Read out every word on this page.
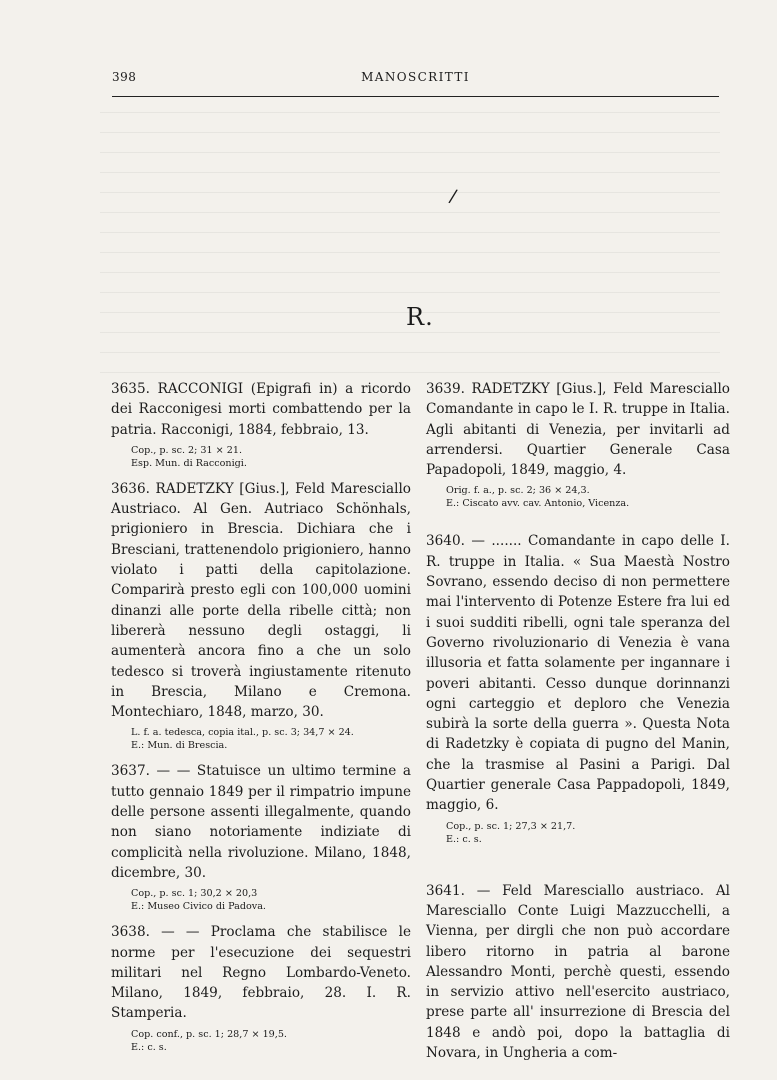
398	MANOSCRITTI
/
R.

3635. RACCONIGI (Epigrafi in) a ricordo dei Racconigesi morti combattendo per la patria. Racconigi, 1884, febbraio, 13.

Cop., p. sc. 2; 31 × 21.
Esp. Mun. di Racconigi.

3636. RADETZKY [Gius.], Feld Maresciallo Austriaco. Al Gen. Autriaco Schönhals, prigioniero in Brescia. Dichiara che i Bresciani, trattenendolo prigioniero, hanno violato i patti della capitolazione. Comparirà presto egli con 100,000 uomini dinanzi alle porte della ribelle città; non libererà nessuno degli ostaggi, li aumenterà ancora fino a che un solo tedesco si troverà ingiustamente ritenuto in Brescia, Milano e Cremona. Montechiaro, 1848, marzo, 30.

L. f. a. tedesca, copia ital., p. sc. 3; 34,7 × 24.
E.: Mun. di Brescia.

3637. — — Statuisce un ultimo termine a tutto gennaio 1849 per il rimpatrio impune delle persone assenti illegalmente, quando non siano notoriamente indiziate di complicità nella rivoluzione. Milano, 1848, dicembre, 30.

Cop., p. sc. 1; 30,2 × 20,3
E.: Museo Civico di Padova.

3638. — — Proclama che stabilisce le norme per l'esecuzione dei sequestri militari nel Regno Lombardo-Veneto. Milano, 1849, febbraio, 28. I. R. Stamperia.

Cop. conf., p. sc. 1; 28,7 × 19,5.
E.: c. s.

3639. RADETZKY [Gius.], Feld Maresciallo Comandante in capo le I. R. truppe in Italia. Agli abitanti di Venezia, per invitarli ad arrendersi. Quartier Generale Casa Papadopoli, 1849, maggio, 4.

Orig. f. a., p. sc. 2; 36 × 24,3.
E.: Ciscato avv. cav. Antonio, Vicenza.

3640. — ....... Comandante in capo delle I. R. truppe in Italia. « Sua Maestà Nostro Sovrano, essendo deciso di non permettere mai l'intervento di Potenze Estere fra lui ed i suoi sudditi ribelli, ogni tale speranza del Governo rivoluzionario di Venezia è vana illusoria et fatta solamente per ingannare i poveri abitanti. Cesso dunque dorinnanzi ogni carteggio et deploro che Venezia subirà la sorte della guerra ». Questa Nota di Radetzky è copiata di pugno del Manin, che la trasmise al Pasini a Parigi. Dal Quartier generale Casa Pappadopoli, 1849, maggio, 6.

Cop., p. sc. 1; 27,3 × 21,7.
E.: c. s.

3641. — Feld Maresciallo austriaco. Al Maresciallo Conte Luigi Mazzucchelli, a Vienna, per dirgli che non può accordare libero ritorno in patria al barone Alessandro Monti, perchè questi, essendo in servizio attivo nell'esercito austriaco, prese parte all' insurrezione di Brescia del 1848 e andò poi, dopo la battaglia di Novara, in Ungheria a com-
